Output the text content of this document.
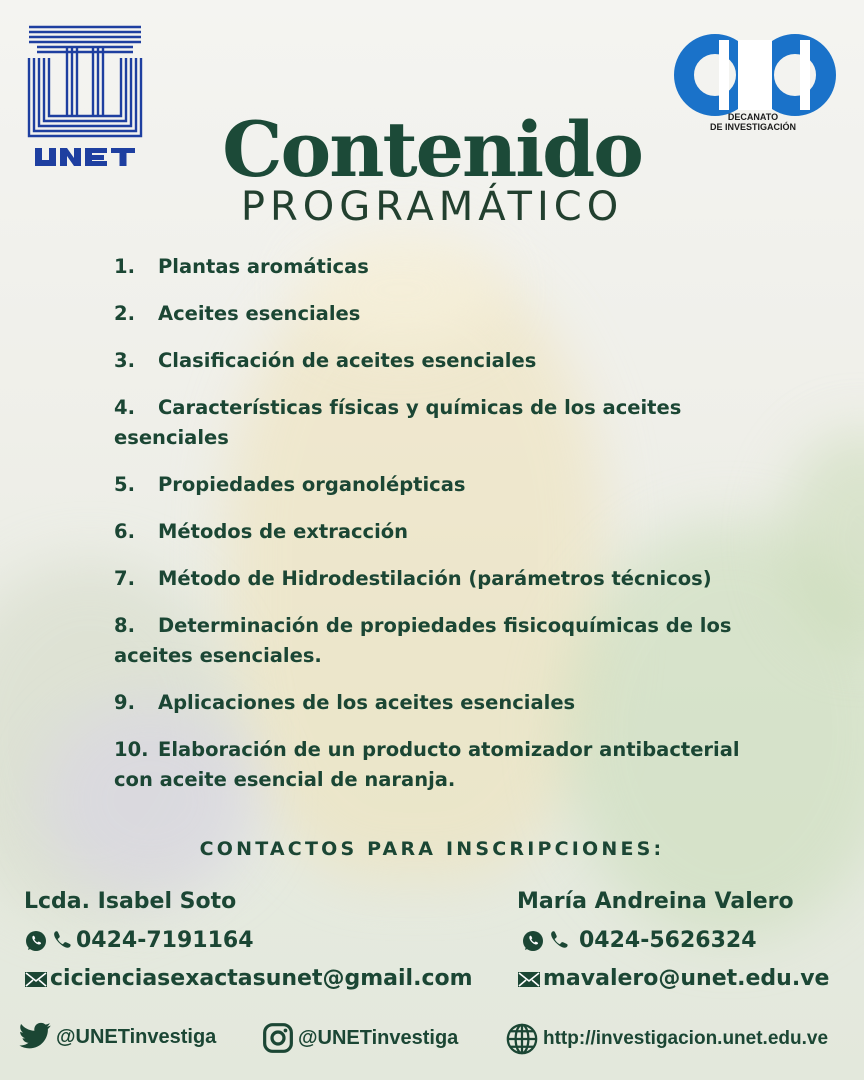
UNET
DECANATO
DE INVESTIGACIÓN
Contenido
PROGRAMÁTICO
1. Plantas aromáticas
2. Aceites esenciales
3. Clasificación de aceites esenciales
4. Características físicas y químicas de los aceites esenciales
5. Propiedades organolépticas
6. Métodos de extracción
7. Método de Hidrodestilación (parámetros técnicos)
8. Determinación de propiedades fisicoquímicas de los aceites esenciales.
9. Aplicaciones de los aceites esenciales
10. Elaboración de un producto atomizador antibacterial con aceite esencial de naranja.
CONTACTOS PARA INSCRIPCIONES:
Lcda. Isabel Soto
0424-7191164
cicienciasexactasunet@gmail.com
María Andreina Valero
0424-5626324
mavalero@unet.edu.ve
@UNETinvestiga	@UNETinvestiga	http://investigacion.unet.edu.ve
